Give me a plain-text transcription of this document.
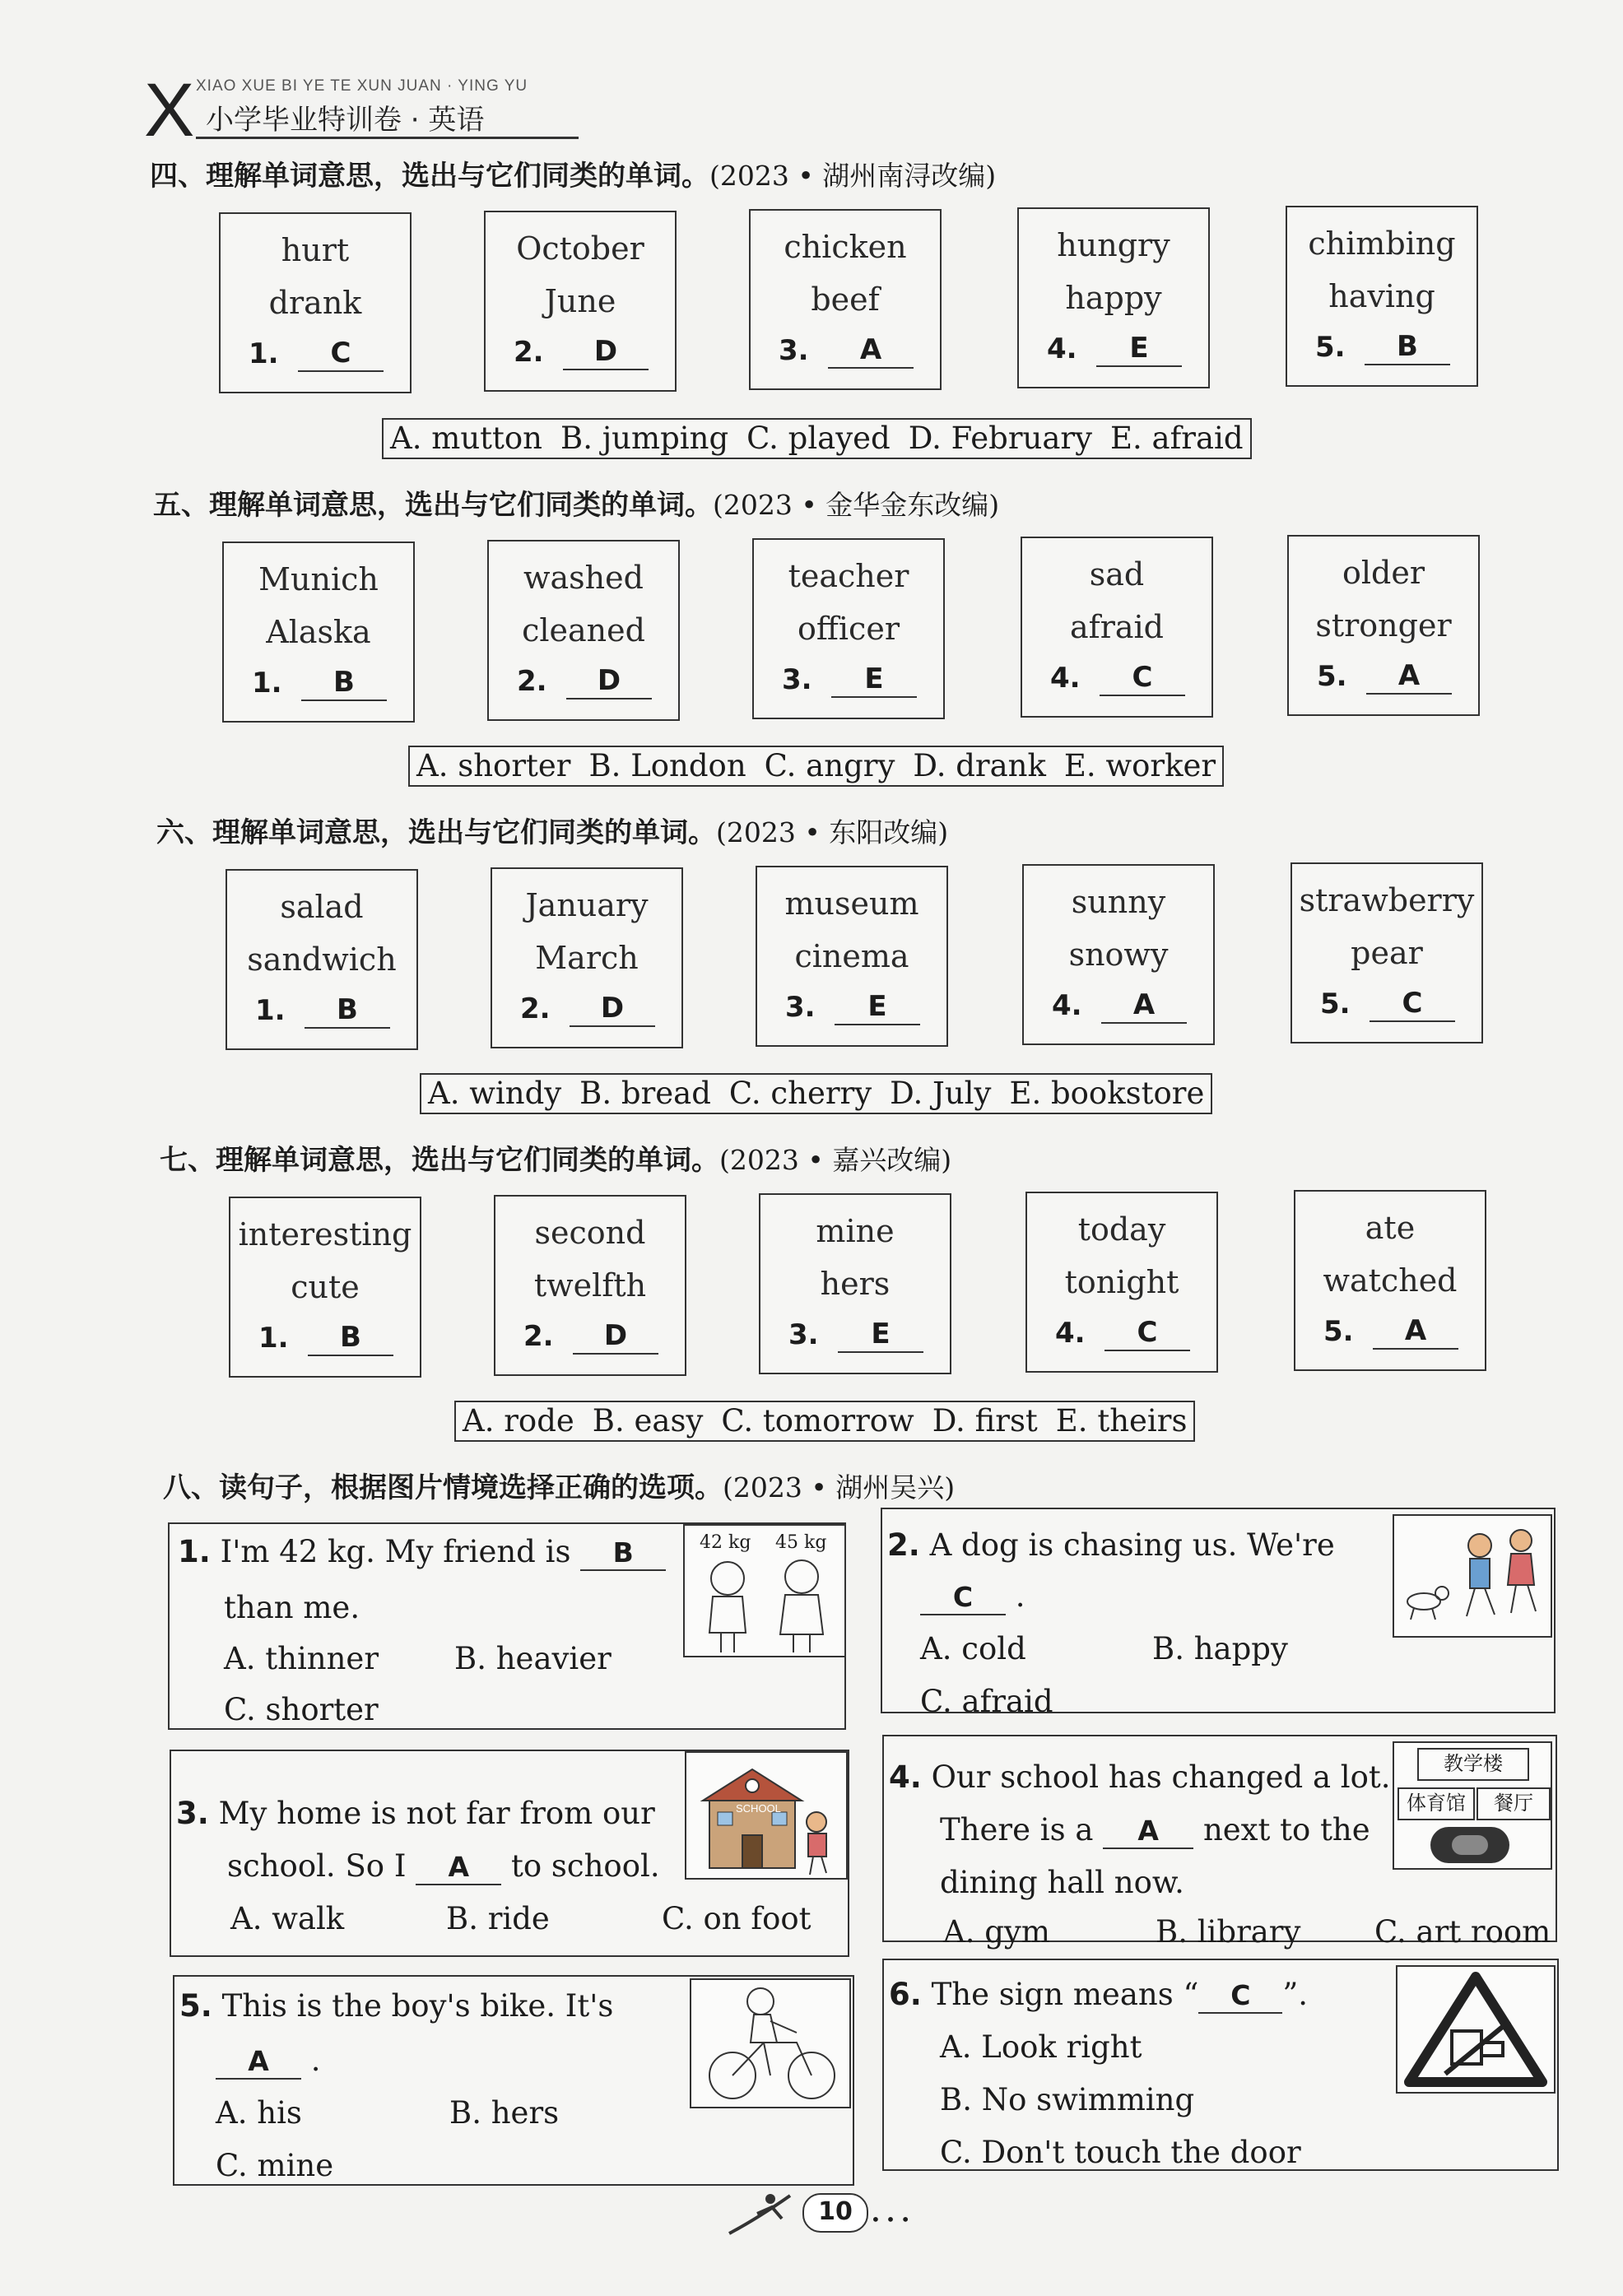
X XIAO XUE BI YE TE XUN JUAN · YING YU
小学毕业特训卷 · 英语
四、理解单词意思，选出与它们同类的单词。(2023 • 湖州南浔改编)
hurt
drank
1.	C
October
June
2.	D
chicken
beef
3.	A
hungry
happy
4.	E
chimbing
having
5.	B
A. mutton B. jumping C. played D. February E. afraid
五、理解单词意思，选出与它们同类的单词。(2023 • 金华金东改编)
Munich
Alaska
1.	B
washed
cleaned
2.	D
teacher
officer
3.	E
sad
afraid
4.	C
older
stronger
5.	A
A. shorter B. London C. angry D. drank E. worker
六、理解单词意思，选出与它们同类的单词。(2023 • 东阳改编)
salad
sandwich
1.	B
January
March
2.	D
museum
cinema
3.	E
sunny
snowy
4.	A
strawberry
pear
5.	C
A. windy B. bread C. cherry D. July E. bookstore
七、理解单词意思，选出与它们同类的单词。(2023 • 嘉兴改编)
interesting
cute
1.	B
second
twelfth
2.	D
mine
hers
3.	E
today
tonight
4.	C
ate
watched
5.	A
A. rode B. easy C. tomorrow D. first E. theirs
八、读句子，根据图片情境选择正确的选项。(2023 • 湖州吴兴)
1. I'm 42 kg. My friend is B
than me.
A. thinner B. heavier
C. shorter
42 kg 45 kg 2. A dog is chasing us. We're
C .
A. cold	B. happy
C. afraid
3. My home is not far from our
school. So I A to school.
A. walk	B. ride	C. on foot
SCHOOL
4. Our school has changed a lot.
There is a A next to the
dining hall now.
A. gym	B. library C. art room
教学楼
体育馆	餐厅
5. This is the boy's bike. It's
A .
A. his	B. hers
C. mine
6. The sign means “ C ”.
A. Look right
B. No swimming
C. Don't touch the door
10	• • •
